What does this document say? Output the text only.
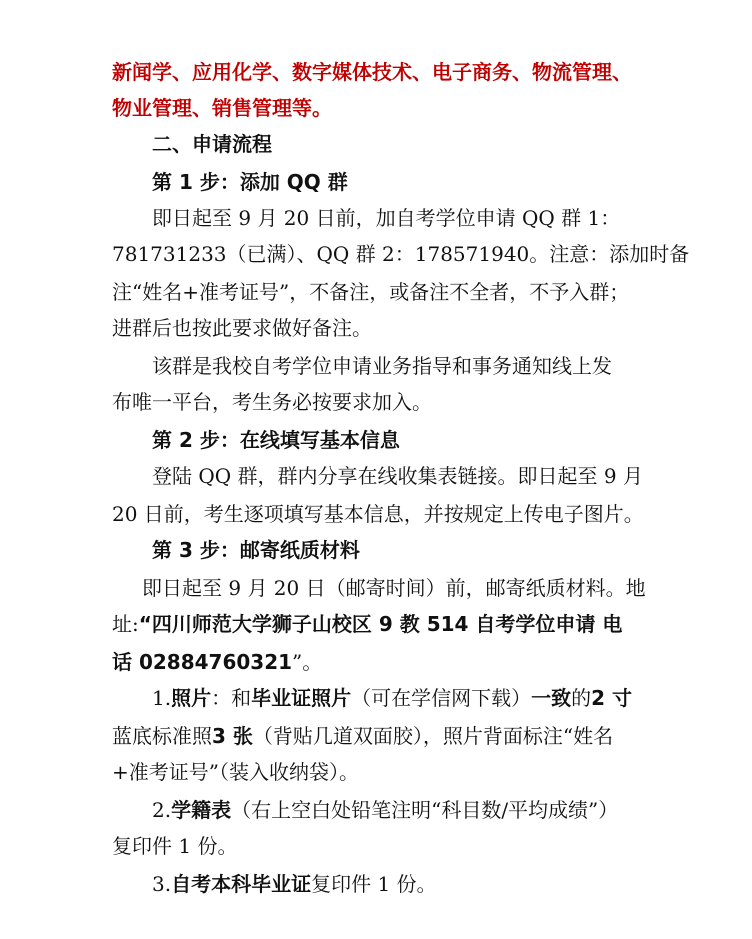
新闻学、应用化学、数字媒体技术、电子商务、物流管理、
物业管理、销售管理等。
二、申请流程
第 1 步：添加 QQ 群
即日起至 9 月 20 日前，加自考学位申请 QQ 群 1：
781731233（已满）、QQ 群 2：178571940。注意：添加时备
注“姓名+准考证号”，不备注，或备注不全者，不予入群；
进群后也按此要求做好备注。
该群是我校自考学位申请业务指导和事务通知线上发
布唯一平台，考生务必按要求加入。
第 2 步：在线填写基本信息
登陆 QQ 群，群内分享在线收集表链接。即日起至 9 月
20 日前，考生逐项填写基本信息，并按规定上传电子图片。
第 3 步：邮寄纸质材料
即日起至 9 月 20 日（邮寄时间）前，邮寄纸质材料。地
址:“四川师范大学狮子山校区 9 教 514 自考学位申请 电
话 02884760321”。
1.照片：和毕业证照片（可在学信网下载）一致的2 寸
蓝底标准照3 张（背贴几道双面胶），照片背面标注“姓名
+准考证号”（装入收纳袋）。
2.学籍表（右上空白处铅笔注明“科目数/平均成绩”）
复印件 1 份。
3.自考本科毕业证复印件 1 份。
